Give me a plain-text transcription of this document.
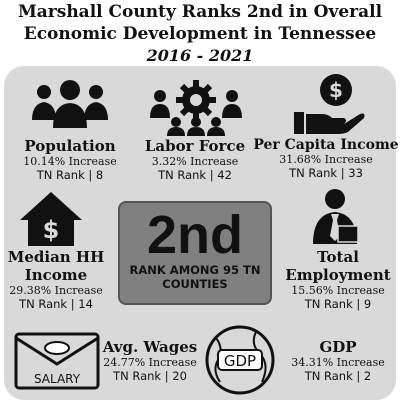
Marshall County Ranks 2nd in Overall
Economic Development in Tennessee
2016 - 2021
Population
10.14% Increase
TN Rank | 8
Labor Force
3.32% Increase
TN Rank | 42
$
Per Capita Income
31.68% Increase
TN Rank | 33
$
Median HH
Income
29.38% Increase
TN Rank | 14
2nd
RANK AMONG 95 TN
COUNTIES
Total
Employment
15.56% Increase
TN Rank | 9
SALARY
Avg. Wages
24.77% Increase
TN Rank | 20
GDP
GDP
34.31% Increase
TN Rank | 2
